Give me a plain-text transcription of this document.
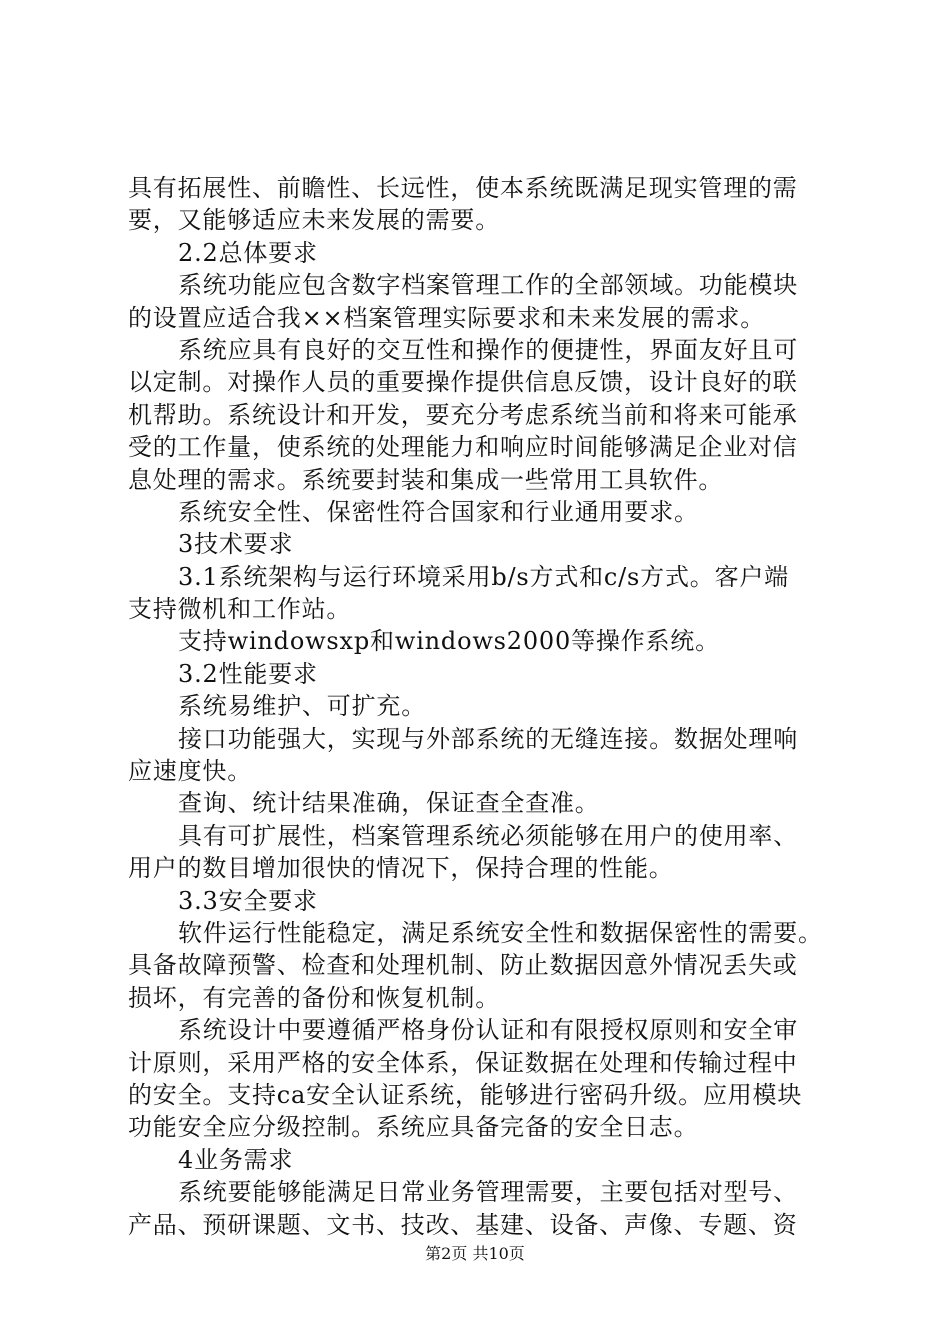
具有拓展性、前瞻性、长远性，使本系统既满足现实管理的需
要，又能够适应未来发展的需要。
2.2总体要求
系统功能应包含数字档案管理工作的全部领域。功能模块
的设置应适合我××档案管理实际要求和未来发展的需求。
系统应具有良好的交互性和操作的便捷性，界面友好且可
以定制。对操作人员的重要操作提供信息反馈，设计良好的联
机帮助。系统设计和开发，要充分考虑系统当前和将来可能承
受的工作量，使系统的处理能力和响应时间能够满足企业对信
息处理的需求。系统要封装和集成一些常用工具软件。
系统安全性、保密性符合国家和行业通用要求。
3技术要求
3.1系统架构与运行环境采用b/s方式和c/s方式。客户端
支持微机和工作站。
支持windowsxp和windows2000等操作系统。
3.2性能要求
系统易维护、可扩充。
接口功能强大，实现与外部系统的无缝连接。数据处理响
应速度快。
查询、统计结果准确，保证查全查准。
具有可扩展性，档案管理系统必须能够在用户的使用率、
用户的数目增加很快的情况下，保持合理的性能。
3.3安全要求
软件运行性能稳定，满足系统安全性和数据保密性的需要。
具备故障预警、检查和处理机制、防止数据因意外情况丢失或
损坏，有完善的备份和恢复机制。
系统设计中要遵循严格身份认证和有限授权原则和安全审
计原则，采用严格的安全体系，保证数据在处理和传输过程中
的安全。支持ca安全认证系统，能够进行密码升级。应用模块
功能安全应分级控制。系统应具备完备的安全日志。
4业务需求
系统要能够能满足日常业务管理需要，主要包括对型号、
产品、预研课题、文书、技改、基建、设备、声像、专题、资
第2页 共10页
